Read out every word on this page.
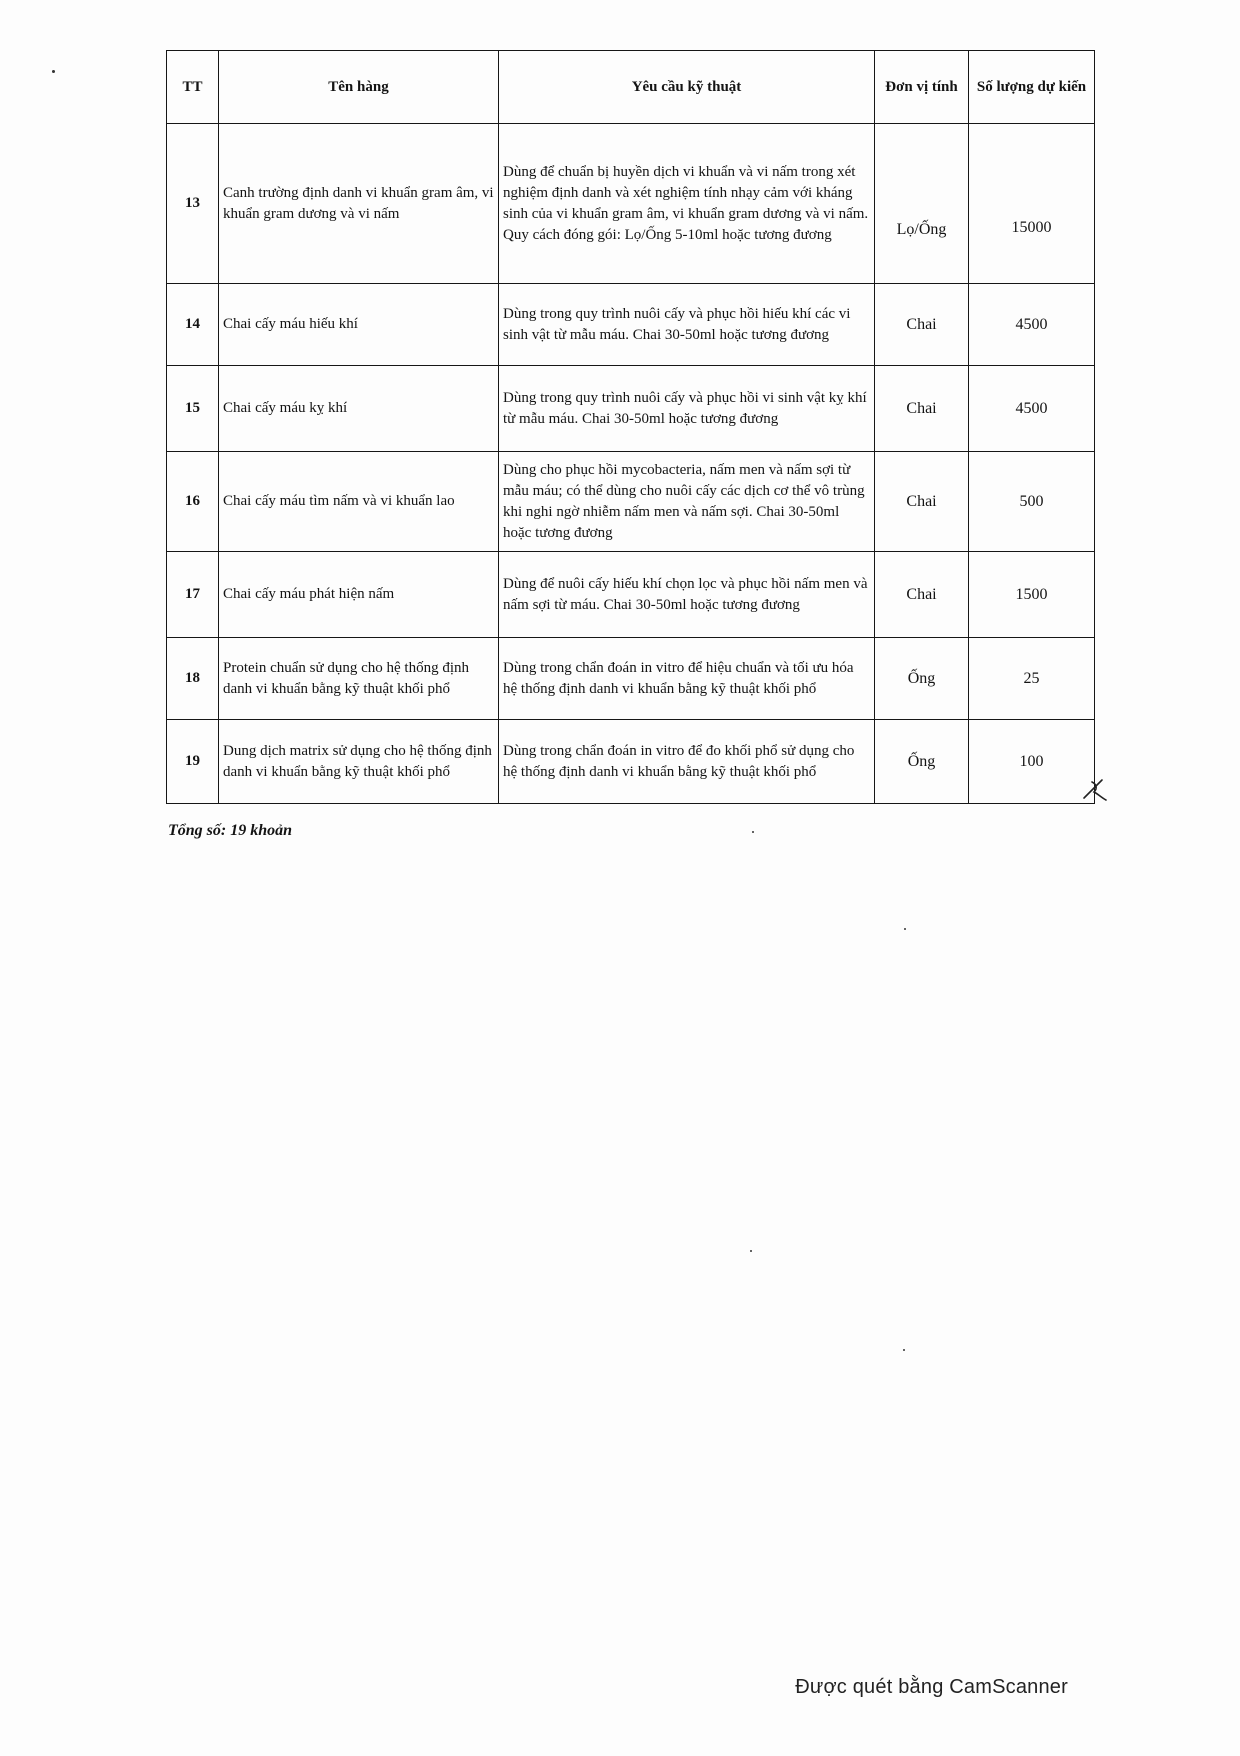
TT	Tên hàng	Yêu cầu kỹ thuật	Đơn vị tính	Số lượng dự kiến
13	Canh trường định danh vi khuẩn gram âm, vi khuẩn gram dương và vi nấm	Dùng để chuẩn bị huyền dịch vi khuẩn và vi nấm trong xét nghiệm định danh và xét nghiệm tính nhạy cảm với kháng sinh của vi khuẩn gram âm, vi khuẩn gram dương và vi nấm. Quy cách đóng gói: Lọ/Ống 5-10ml hoặc tương đương	Lọ/Ống	15000
14	Chai cấy máu hiếu khí	Dùng trong quy trình nuôi cấy và phục hồi hiếu khí các vi sinh vật từ mẫu máu. Chai 30-50ml hoặc tương đương	Chai	4500
15	Chai cấy máu kỵ khí	Dùng trong quy trình nuôi cấy và phục hồi vi sinh vật kỵ khí từ mẫu máu. Chai 30-50ml hoặc tương đương	Chai	4500
16	Chai cấy máu tìm nấm và vi khuẩn lao	Dùng cho phục hồi mycobacteria, nấm men và nấm sợi từ mẫu máu; có thể dùng cho nuôi cấy các dịch cơ thể vô trùng khi nghi ngờ nhiễm nấm men và nấm sợi. Chai 30-50ml hoặc tương đương	Chai	500
17	Chai cấy máu phát hiện nấm	Dùng để nuôi cấy hiếu khí chọn lọc và phục hồi nấm men và nấm sợi từ máu. Chai 30-50ml hoặc tương đương	Chai	1500
18	Protein chuẩn sử dụng cho hệ thống định danh vi khuẩn bằng kỹ thuật khối phổ	Dùng trong chẩn đoán in vitro để hiệu chuẩn và tối ưu hóa hệ thống định danh vi khuẩn bằng kỹ thuật khối phổ	Ống	25
19	Dung dịch matrix sử dụng cho hệ thống định danh vi khuẩn bằng kỹ thuật khối phổ	Dùng trong chẩn đoán in vitro để đo khối phổ sử dụng cho hệ thống định danh vi khuẩn bằng kỹ thuật khối phổ	Ống	100
Tổng số: 19 khoản
Được quét bằng CamScanner
